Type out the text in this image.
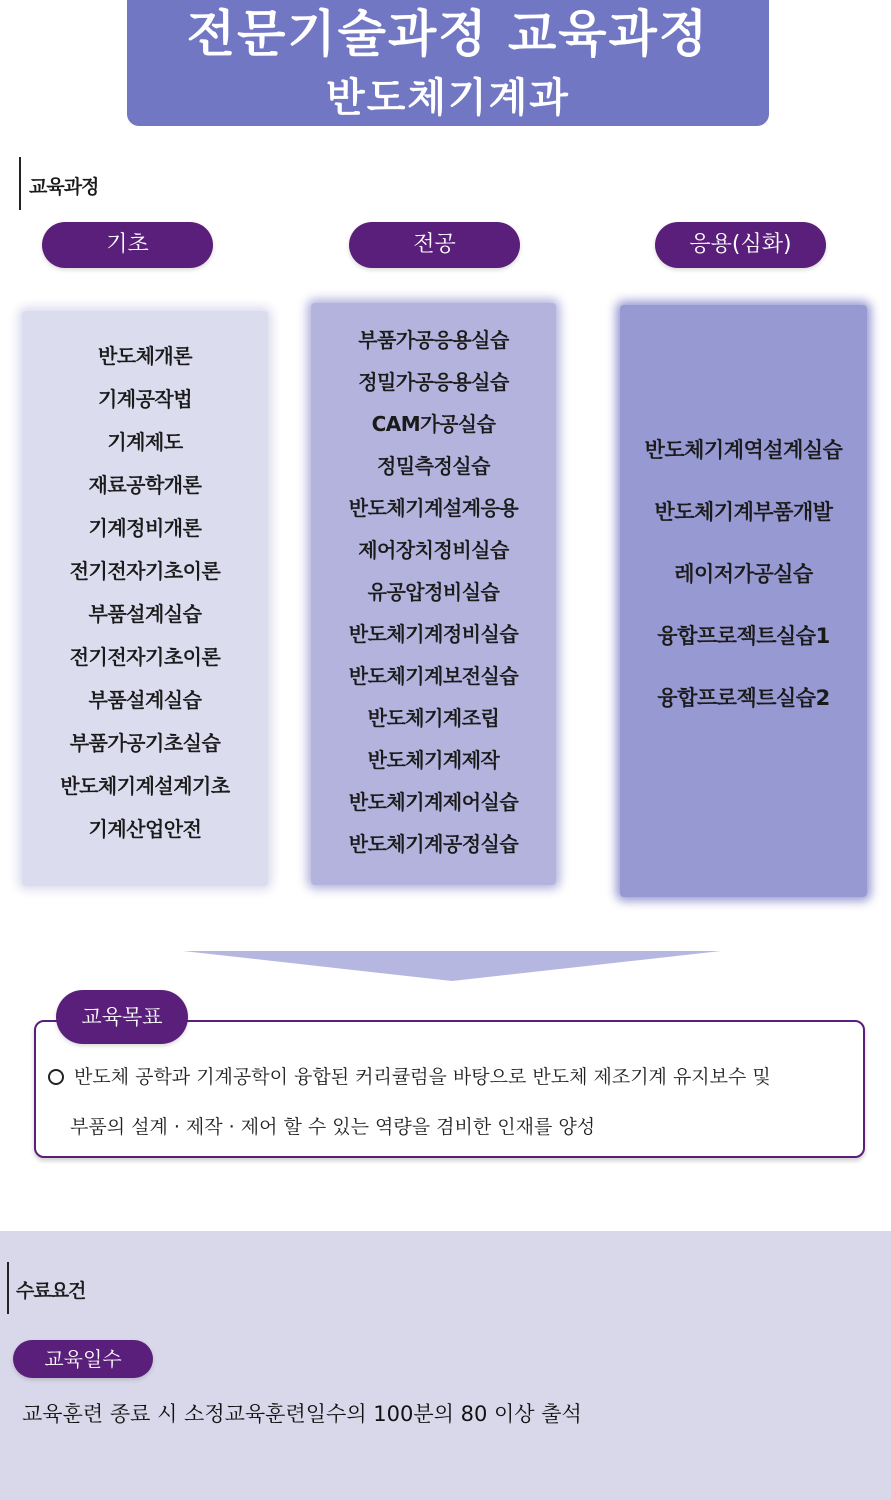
전문기술과정 교육과정
반도체기계과
교육과정
기초	전공	응용(심화)
반도체개론
기계공작법
기계제도
재료공학개론
기계정비개론
전기전자기초이론
부품설계실습
전기전자기초이론
부품설계실습
부품가공기초실습
반도체기계설계기초
기계산업안전
부품가공응용실습
정밀가공응용실습
CAM가공실습
정밀측정실습
반도체기계설계응용
제어장치정비실습
유공압정비실습
반도체기계정비실습
반도체기계보전실습
반도체기계조립
반도체기계제작
반도체기계제어실습
반도체기계공정실습
반도체기계역설계실습
반도체기계부품개발
레이저가공실습
융합프로젝트실습1
융합프로젝트실습2
반도체 공학과 기계공학이 융합된 커리큘럼을 바탕으로 반도체 제조기계 유지보수 및
부품의 설계 · 제작 · 제어 할 수 있는 역량을 겸비한 인재를 양성
교육목표
수료요건
교육일수
교육훈련 종료 시 소정교육훈련일수의 100분의 80 이상 출석
